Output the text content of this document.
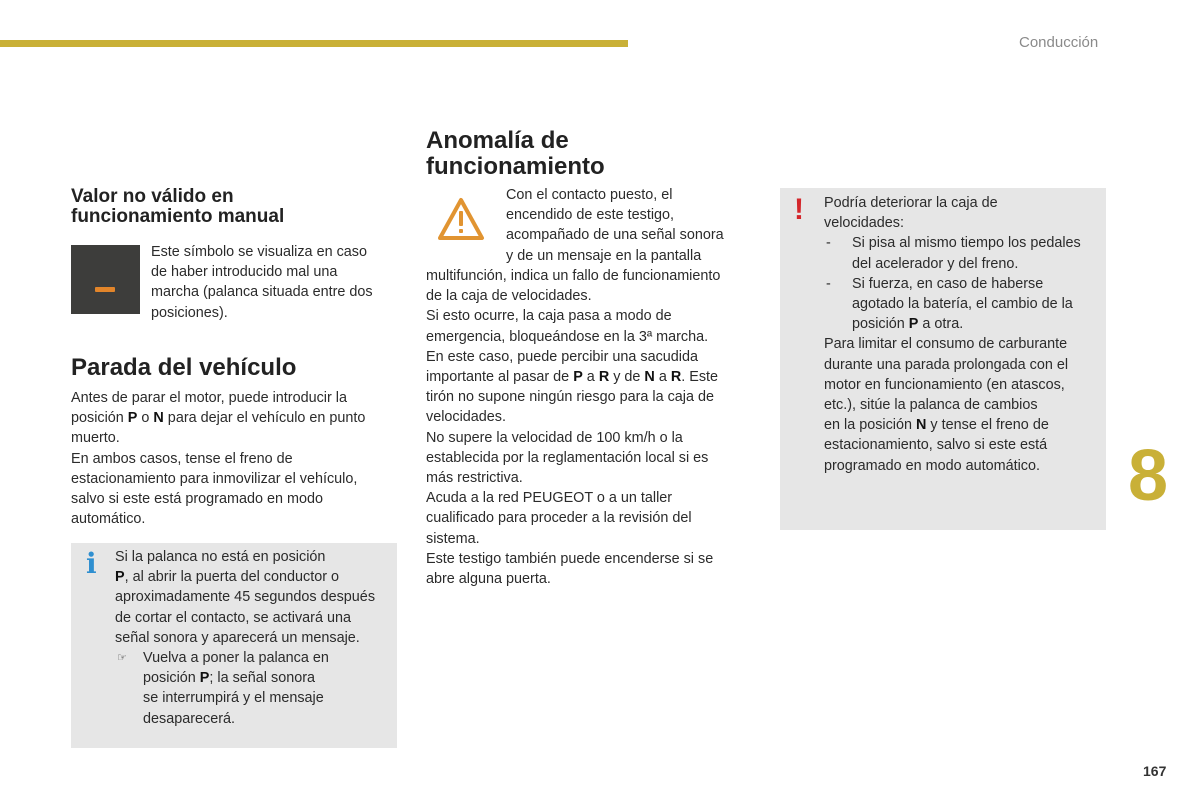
Conducción
Valor no válido en funcionamiento manual
Este símbolo se visualiza en caso
de haber introducido mal una
marcha (palanca situada entre dos
posiciones).
Parada del vehículo
Antes de parar el motor, puede introducir la
posición P o N para dejar el vehículo en punto
muerto.
En ambos casos, tense el freno de
estacionamiento para inmovilizar el vehículo,
salvo si este está programado en modo
automático.
i Si la palanca no está en posición
P, al abrir la puerta del conductor o
aproximadamente 45 segundos después
de cortar el contacto, se activará una
señal sonora y aparecerá un mensaje.
☞ Vuelva a poner la palanca en
posición P; la señal sonora
se interrumpirá y el mensaje
desaparecerá.
Anomalía de
funcionamiento
Con el contacto puesto, el
encendido de este testigo,
acompañado de una señal sonora
y de un mensaje en la pantalla
multifunción, indica un fallo de funcionamiento
de la caja de velocidades.
Si esto ocurre, la caja pasa a modo de
emergencia, bloqueándose en la 3ª marcha.
En este caso, puede percibir una sacudida
importante al pasar de P a R y de N a R. Este
tirón no supone ningún riesgo para la caja de
velocidades.
No supere la velocidad de 100 km/h o la
establecida por la reglamentación local si es
más restrictiva.
Acuda a la red PEUGEOT o a un taller
cualificado para proceder a la revisión del
sistema.
Este testigo también puede encenderse si se
abre alguna puerta.
! Podría deteriorar la caja de
velocidades:
- Si pisa al mismo tiempo los pedales
del acelerador y del freno.
- Si fuerza, en caso de haberse
agotado la batería, el cambio de la
posición P a otra.
Para limitar el consumo de carburante
durante una parada prolongada con el
motor en funcionamiento (en atascos,
etc.), sitúe la palanca de cambios
en la posición N y tense el freno de
estacionamiento, salvo si este está
programado en modo automático.	8
167
